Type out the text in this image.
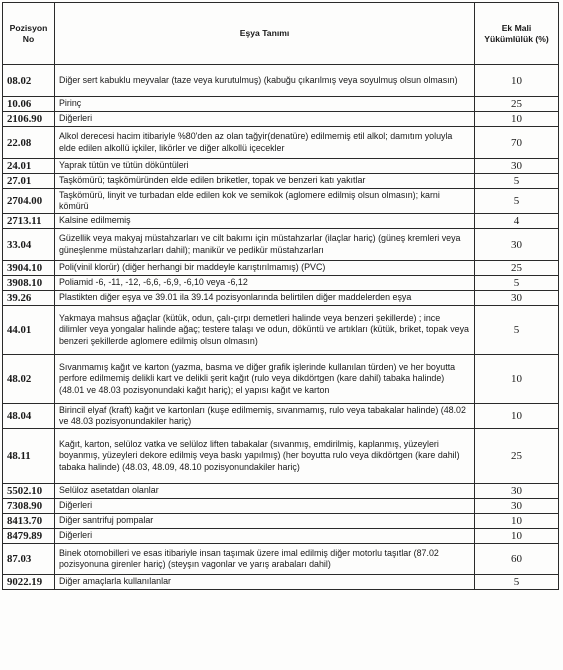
Pozisyon No	Eşya Tanımı	Ek Mali Yükümlülük (%)
08.02	Diğer sert kabuklu meyvalar (taze veya kurutulmuş) (kabuğu çıkarılmış veya soyulmuş olsun olmasın)	10
10.06	Pirinç	25
2106.90	Diğerleri	10
22.08	Alkol derecesi hacim itibariyle %80'den az olan tağyir(denatüre) edilmemiş etil alkol; damıtım yoluyla elde edilen alkollü içkiler, likörler ve diğer alkollü içecekler	70
24.01	Yaprak tütün ve tütün döküntüleri	30
27.01	Taşkömürü; taşkömüründen elde edilen briketler, topak ve benzeri katı yakıtlar	5
2704.00	Taşkömürü, linyit ve turbadan elde edilen kok ve semikok (aglomere edilmiş olsun olmasın); karni kömürü	5
2713.11	Kalsine edilmemiş	4
33.04	Güzellik veya makyaj müstahzarları ve cilt bakımı için müstahzarlar (ilaçlar hariç) (güneş kremleri veya güneşlenme müstahzarları dahil); manikür ve pedikür müstahzarları	30
3904.10	Poli(vinil klorür) (diğer herhangi bir maddeyle karıştırılmamış) (PVC)	25
3908.10	Poliamid -6, -11, -12, -6,6, -6,9, -6,10 veya -6,12	5
39.26	Plastikten diğer eşya ve 39.01 ila 39.14 pozisyonlarında belirtilen diğer maddelerden eşya	30
44.01	Yakmaya mahsus ağaçlar (kütük, odun, çalı-çırpı demetleri halinde veya benzeri şekillerde) ; ince dilimler veya yongalar halinde ağaç; testere talaşı ve odun, döküntü ve artıkları (kütük, briket, topak veya benzeri şekillerde aglomere edilmiş olsun olmasın)	5
48.02	Sıvanmamış kağıt ve karton (yazma, basma ve diğer grafik işlerinde kullanılan türden) ve her boyutta perfore edilmemiş delikli kart ve delikli şerit kağıt (rulo veya dikdörtgen (kare dahil) tabaka halinde) (48.01 ve 48.03 pozisyonundaki kağıt hariç); el yapısı kağıt ve karton	10
48.04	Birincil elyaf (kraft) kağıt ve kartonları (kuşe edilmemiş, sıvanmamış, rulo veya tabakalar halinde) (48.02 ve 48.03 pozisyonundakiler hariç)	10
48.11	Kağıt, karton, selüloz vatka ve selüloz liften tabakalar (sıvanmış, emdirilmiş, kaplanmış, yüzeyleri boyanmış, yüzeyleri dekore edilmiş veya baskı yapılmış) (her boyutta rulo veya dikdörtgen (kare dahil) tabaka halinde) (48.03, 48.09, 48.10 pozisyonundakiler hariç)	25
5502.10	Selüloz asetatdan olanlar	30
7308.90	Diğerleri	30
8413.70	Diğer santrifuj pompalar	10
8479.89	Diğerleri	10
87.03	Binek otomobilleri ve esas itibariyle insan taşımak üzere imal edilmiş diğer motorlu taşıtlar (87.02 pozisyonuna girenler hariç) (steyşın vagonlar ve yarış arabaları dahil)	60
9022.19	Diğer amaçlarla kullanılanlar	5
